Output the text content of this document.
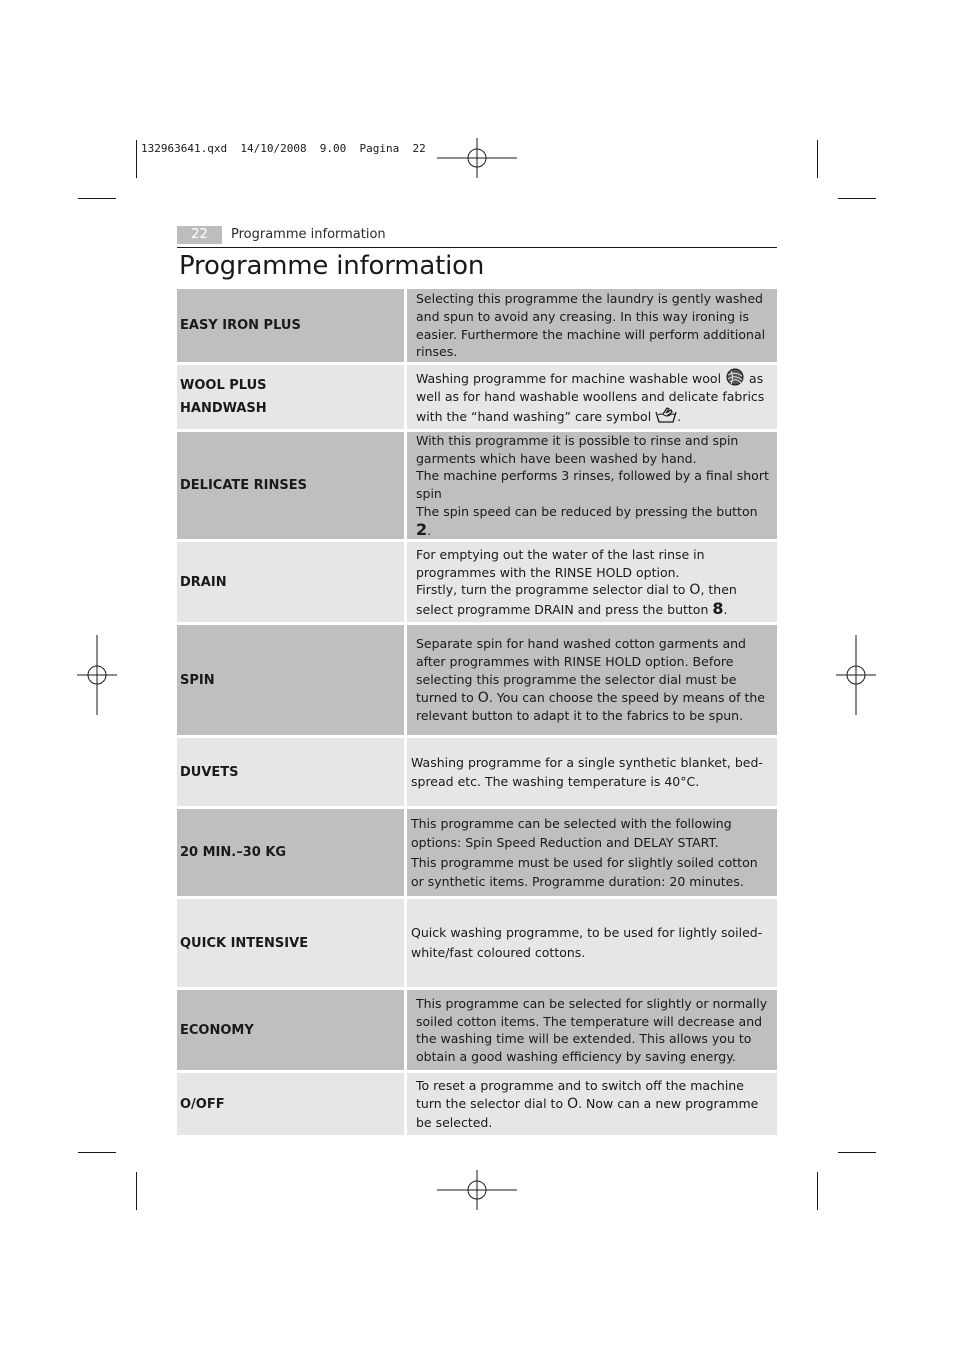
132963641.qxd  14/10/2008  9.00  Pagina  22
22	Programme information
Programme information
EASY IRON PLUS	Selecting this programme the laundry is gently washed and spun to avoid any creasing. In this way ironing is easier. Furthermore the machine will perform additional rinses.

WOOL PLUS
HANDWASH	Washing programme for machine washable wool as well as for hand washable woollens and delicate fabrics with the “hand washing” care symbol .

DELICATE RINSES	With this programme it is possible to rinse and spin garments which have been washed by hand.
The machine performs 3 rinses, followed by a final short spin
The spin speed can be reduced by pressing the button 2.

DRAIN	For emptying out the water of the last rinse in programmes with the RINSE HOLD option.
Firstly, turn the programme selector dial to O, then select programme DRAIN and press the button 8.

SPIN	Separate spin for hand washed cotton garments and after programmes with RINSE HOLD option. Before selecting this programme the selector dial must be turned to O. You can choose the speed by means of the relevant button to adapt it to the fabrics to be spun.

DUVETS	Washing programme for a single synthetic blanket, bed-spread etc. The washing temperature is 40°C.

20 MIN.–30 KG	This programme can be selected with the following options: Spin Speed Reduction and DELAY START.
This programme must be used for slightly soiled cotton or synthetic items. Programme duration: 20 minutes.

QUICK INTENSIVE	Quick washing programme, to be used for lightly soiled-white/fast coloured cottons.

ECONOMY	This programme can be selected for slightly or normally soiled cotton items. The temperature will decrease and the washing time will be extended. This allows you to obtain a good washing efficiency by saving energy.

O/OFF	To reset a programme and to switch off the machine turn the selector dial to O. Now can a new programme be selected.
